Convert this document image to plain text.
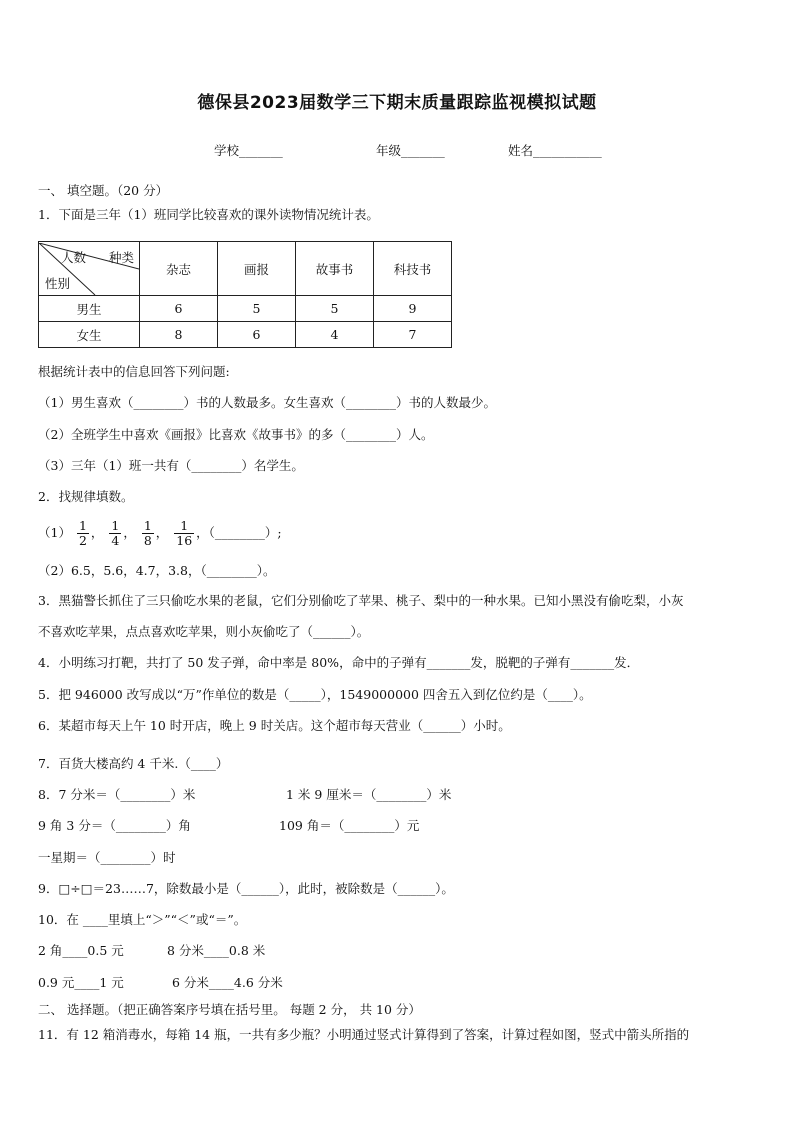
德保县2023届数学三下期末质量跟踪监视模拟试题
学校_______	年级_______	姓名___________
一、 填空题。（20 分）
1．下面是三年（1）班同学比较喜欢的课外读物情况统计表。
种类
人数
性别	杂志	画报	故事书	科技书
男生	6	5	5	9
女生	8	6	4	7
根据统计表中的信息回答下列问题:
（1）男生喜欢（________）书的人数最多。女生喜欢（________）书的人数最少。
（2）全班学生中喜欢《画报》比喜欢《故事书》的多（________）人。
（3）三年（1）班一共有（________）名学生。
2．找规律填数。
$(1) \frac{1}{2}$ ， $\frac{1}{4}$ ， $\frac{1}{8}$ ， $\frac{1}{16}$ ，（________）;
（2）6.5，5.6，4.7，3.8，（________）。
3．黑猫警长抓住了三只偷吃水果的老鼠，它们分别偷吃了苹果、桃子、梨中的一种水果。已知小黑没有偷吃梨，小灰
不喜欢吃苹果，点点喜欢吃苹果，则小灰偷吃了（______）。
4．小明练习打靶，共打了 50 发子弹，命中率是 80%，命中的子弹有_______发，脱靶的子弹有_______发．
5．把 946000 改写成以“万”作单位的数是（_____），1549000000 四舍五入到亿位约是（____）。
6．某超市每天上午 10 时开店，晚上 9 时关店。这个超市每天营业（______）小时。
7．百货大楼高约 4 千米.（____）
8．7 分米＝（________）米	1 米 9 厘米＝（________）米
9 角 3 分＝（________）角	109 角＝（________）元
一星期＝（________）时
9．□÷□＝23……7，除数最小是（______），此时，被除数是（______）。
10．在 ____里填上“＞”“＜”或“＝”。
2 角____0.5 元	8 分米____0.8 米
0.9 元____1 元	6 分米____4.6 分米
二、 选择题。（把正确答案序号填在括号里。 每题 2 分， 共 10 分）
11．有 12 箱消毒水，每箱 14 瓶，一共有多少瓶？小明通过竖式计算得到了答案，计算过程如图，竖式中箭头所指的
